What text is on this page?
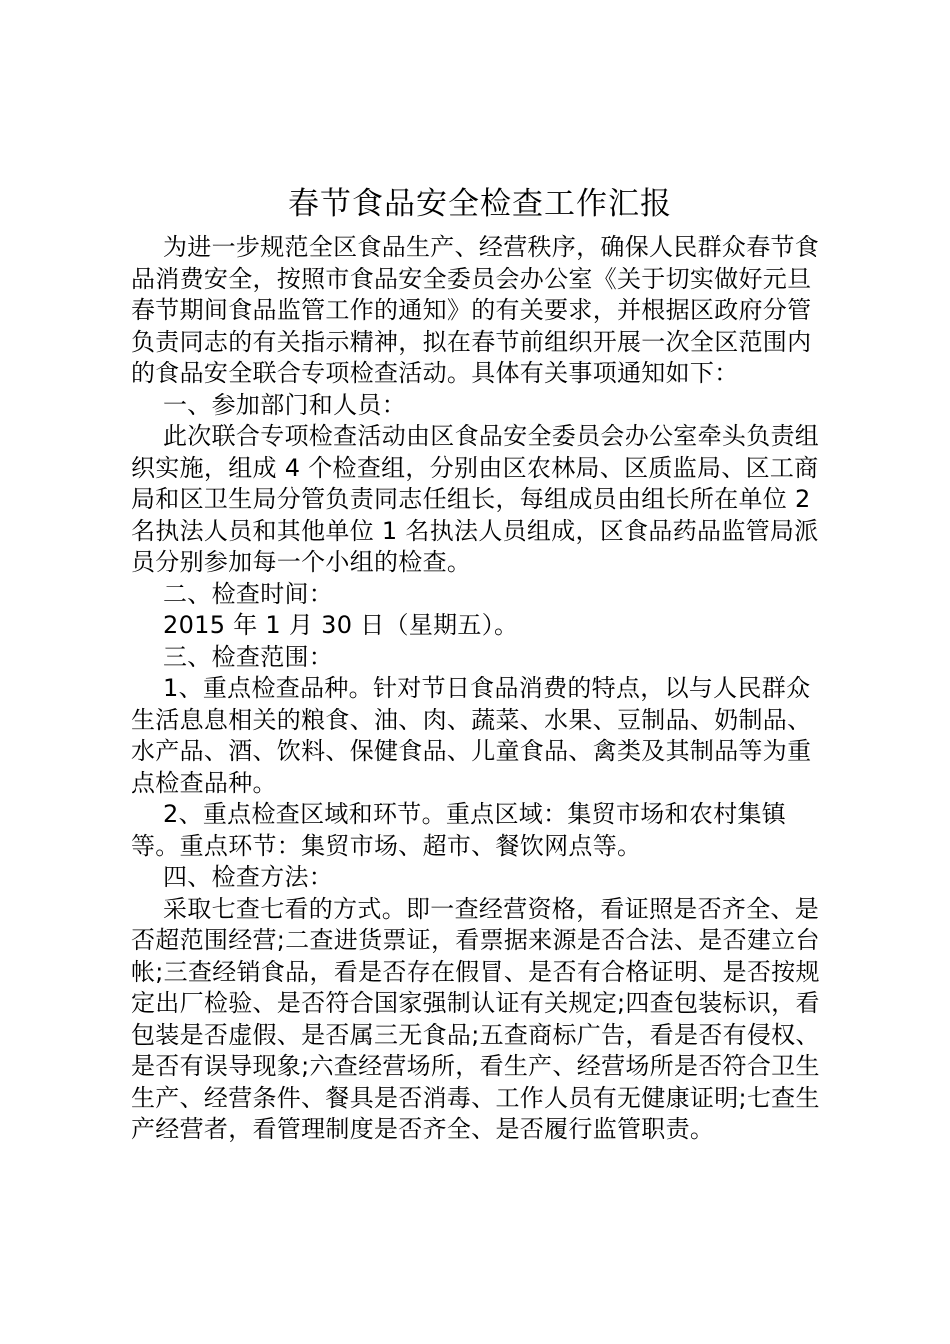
春节食品安全检查工作汇报

为进一步规范全区食品生产、经营秩序，确保人民群众春节食品消费安全，按照市食品安全委员会办公室《关于切实做好元旦春节期间食品监管工作的通知》的有关要求，并根据区政府分管负责同志的有关指示精神，拟在春节前组织开展一次全区范围内的食品安全联合专项检查活动。具体有关事项通知如下：

一、参加部门和人员：

此次联合专项检查活动由区食品安全委员会办公室牵头负责组织实施，组成 4 个检查组，分别由区农林局、区质监局、区工商局和区卫生局分管负责同志任组长，每组成员由组长所在单位 2 名执法人员和其他单位 1 名执法人员组成，区食品药品监管局派员分别参加每一个小组的检查。

二、检查时间：

2015 年 1 月 30 日（星期五）。

三、检查范围：

1、重点检查品种。针对节日食品消费的特点，以与人民群众生活息息相关的粮食、油、肉、蔬菜、水果、豆制品、奶制品、水产品、酒、饮料、保健食品、儿童食品、禽类及其制品等为重点检查品种。

2、重点检查区域和环节。重点区域：集贸市场和农村集镇等。重点环节：集贸市场、超市、餐饮网点等。

四、检查方法：

采取七查七看的方式。即一查经营资格，看证照是否齐全、是否超范围经营;二查进货票证，看票据来源是否合法、是否建立台帐;三查经销食品，看是否存在假冒、是否有合格证明、是否按规定出厂检验、是否符合国家强制认证有关规定;四查包装标识，看包装是否虚假、是否属三无食品;五查商标广告，看是否有侵权、是否有误导现象;六查经营场所，看生产、经营场所是否符合卫生生产、经营条件、餐具是否消毒、工作人员有无健康证明;七查生产经营者，看管理制度是否齐全、是否履行监管职责。
